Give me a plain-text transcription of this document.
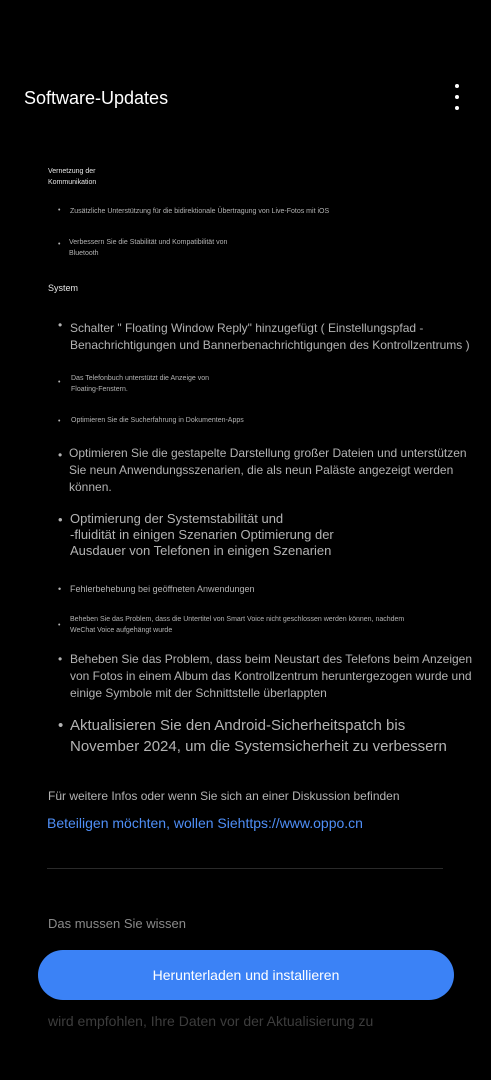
Software-Updates
Vernetzung der
Kommunikation
• Zusätzliche Unterstützung für die bidirektionale Übertragung von Live-Fotos mit iOS
• Verbessern Sie die Stabilität und Kompatibilität von
Bluetooth
System
• Schalter " Floating Window Reply" hinzugefügt ( Einstellungspfad -
Benachrichtigungen und Bannerbenachrichtigungen des Kontrollzentrums )
•
Das Telefonbuch unterstützt die Anzeige von
Floating-Fenstern.
• Optimieren Sie die Sucherfahrung in Dokumenten-Apps
• Optimieren Sie die gestapelte Darstellung großer Dateien und unterstützen
Sie neun Anwendungsszenarien, die als neun Paläste angezeigt werden
können.
• Optimierung der Systemstabilität und
-fluidität in einigen Szenarien Optimierung der
Ausdauer von Telefonen in einigen Szenarien
• Fehlerbehebung bei geöffneten Anwendungen
•
Beheben Sie das Problem, dass die Untertitel von Smart Voice nicht geschlossen werden können, nachdem
WeChat Voice aufgehängt wurde
• Beheben Sie das Problem, dass beim Neustart des Telefons beim Anzeigen
von Fotos in einem Album das Kontrollzentrum heruntergezogen wurde und
einige Symbole mit der Schnittstelle überlappten
• Aktualisieren Sie den Android-Sicherheitspatch bis
November 2024, um die Systemsicherheit zu verbessern
Für weitere Infos oder wenn Sie sich an einer Diskussion befinden
Beteiligen möchten, wollen Siehttps://www.oppo.cn
Das mussen Sie wissen
wird empfohlen, Ihre Daten vor der Aktualisierung zu
Herunterladen und installieren
